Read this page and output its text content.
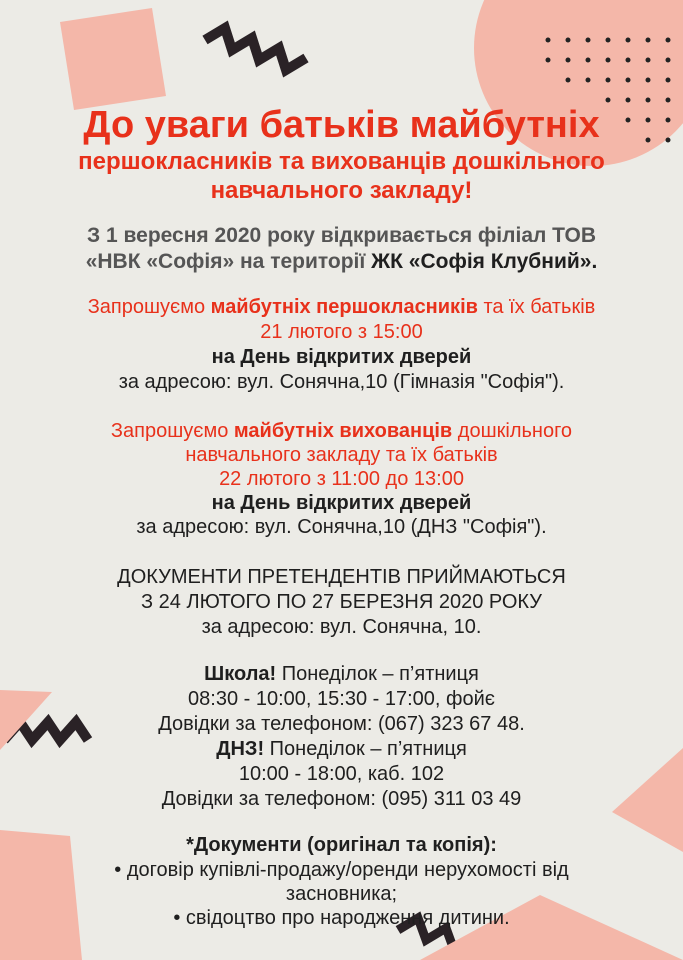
До уваги батьків майбутніх
першокласників та вихованців дошкільного
навчального закладу!
З 1 вересня 2020 року відкривається філіал ТОВ
«НВК «Софія» на території ЖК «Софія Клубний».
Запрошуємо майбутніх першокласників та їх батьків
21 лютого з 15:00
на День відкритих дверей
за адресою: вул. Сонячна,10 (Гімназія "Софія").
Запрошуємо майбутніх вихованців дошкільного
навчального закладу та їх батьків
22 лютого з 11:00 до 13:00
на День відкритих дверей
за адресою: вул. Сонячна,10 (ДНЗ "Софія").
ДОКУМЕНТИ ПРЕТЕНДЕНТІВ ПРИЙМАЮТЬСЯ
З 24 ЛЮТОГО ПО 27 БЕРЕЗНЯ 2020 РОКУ
за адресою: вул. Сонячна, 10.
Школа! Понеділок – п’ятниця
08:30 - 10:00, 15:30 - 17:00, фойє
Довідки за телефоном: (067) 323 67 48.
ДНЗ! Понеділок – п’ятниця
10:00 - 18:00, каб. 102
Довідки за телефоном: (095) 311 03 49
*Документи (оригінал та копія):
• договір купівлі-продажу/оренди нерухомості від
засновника;
• свідоцтво про народження дитини.
